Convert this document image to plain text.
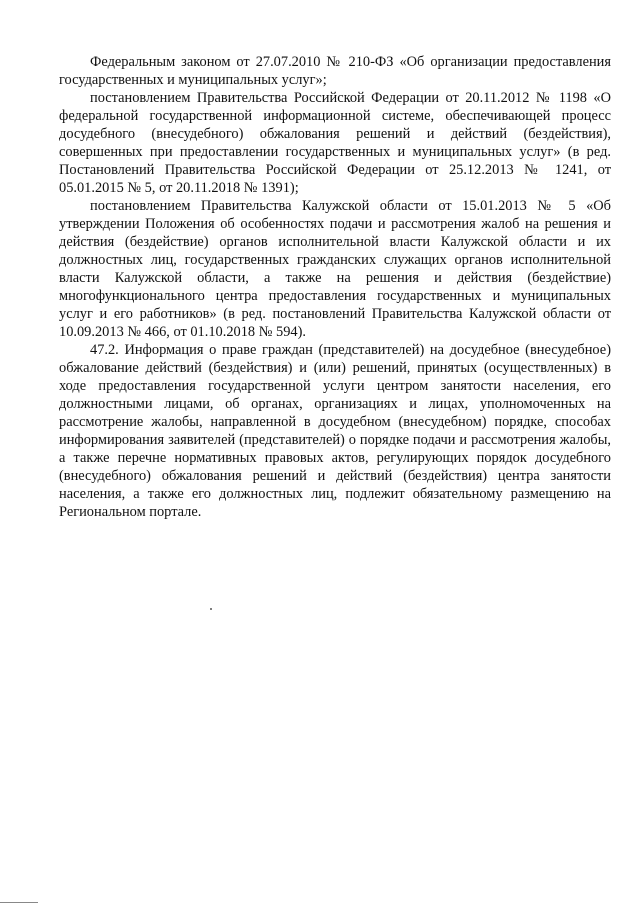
Федеральным законом от 27.07.2010 № 210-ФЗ «Об организации предоставления государственных и муниципальных услуг»;

постановлением Правительства Российской Федерации от 20.11.2012 № 1198 «О федеральной государственной информационной системе, обеспечивающей процесс досудебного (внесудебного) обжалования решений и действий (бездействия), совершенных при предоставлении государственных и муниципальных услуг» (в ред. Постановлений Правительства Российской Федерации от 25.12.2013 № 1241, от 05.01.2015 № 5, от 20.11.2018 № 1391);

постановлением Правительства Калужской области от 15.01.2013 № 5 «Об утверждении Положения об особенностях подачи и рассмотрения жалоб на решения и действия (бездействие) органов исполнительной власти Калужской области и их должностных лиц, государственных гражданских служащих органов исполнительной власти Калужской области, а также на решения и действия (бездействие) многофункционального центра предоставления государственных и муниципальных услуг и его работников» (в ред. постановлений Правительства Калужской области от 10.09.2013 № 466, от 01.10.2018 № 594).

47.2. Информация о праве граждан (представителей) на досудебное (внесудебное) обжалование действий (бездействия) и (или) решений, принятых (осуществленных) в ходе предоставления государственной услуги центром занятости населения, его должностными лицами, об органах, организациях и лицах, уполномоченных на рассмотрение жалобы, направленной в досудебном (внесудебном) порядке, способах информирования заявителей (представителей) о порядке подачи и рассмотрения жалобы, а также перечне нормативных правовых актов, регулирующих порядок досудебного (внесудебного) обжалования решений и действий (бездействия) центра занятости населения, а также его должностных лиц, подлежит обязательному размещению на Региональном портале.
